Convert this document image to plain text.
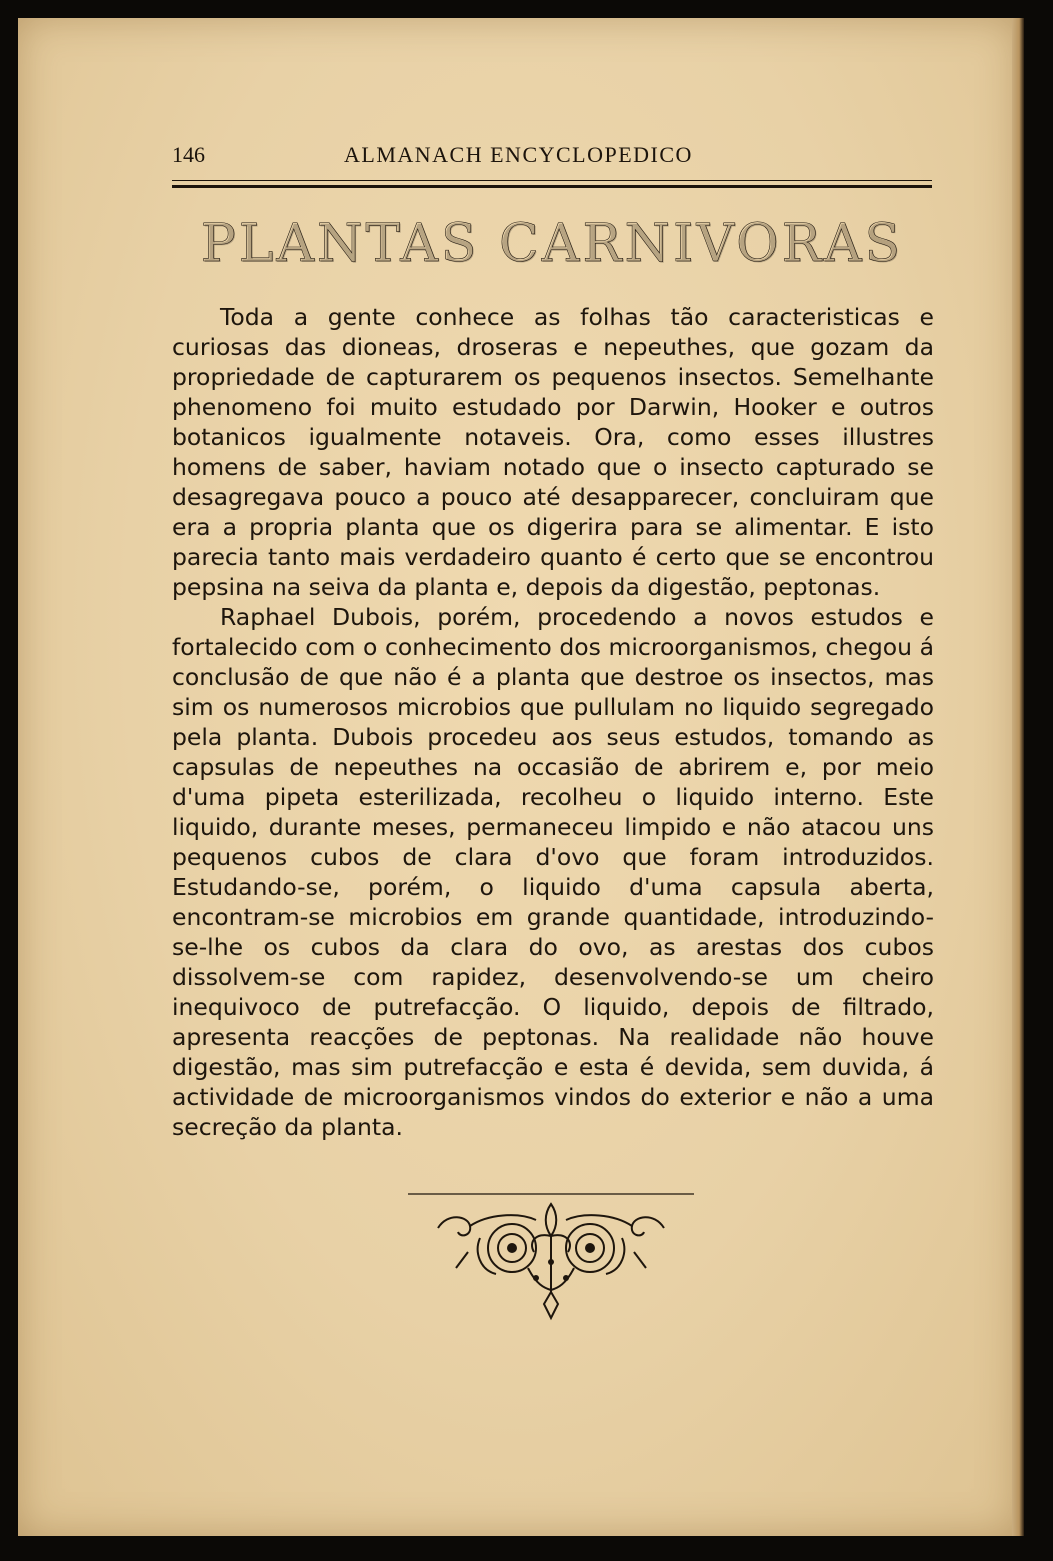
146	ALMANACH ENCYCLOPEDICO
PLANTAS CARNIVORAS

Toda a gente conhece as folhas tão caracteristicas e curiosas das dioneas, droseras e nepeuthes, que gozam da propriedade de capturarem os pequenos insectos. Semelhante phenomeno foi muito estudado por Darwin, Hooker e outros botanicos igualmente notaveis. Ora, como esses illustres homens de saber, haviam notado que o insecto capturado se desagregava pouco a pouco até desapparecer, concluiram que era a propria planta que os digerira para se alimentar. E isto parecia tanto mais verdadeiro quanto é certo que se encontrou pepsina na seiva da planta e, depois da digestão, peptonas.

Raphael Dubois, porém, procedendo a novos estudos e fortalecido com o conhecimento dos microorganismos, chegou á conclusão de que não é a planta que destroe os insectos, mas sim os numerosos microbios que pullulam no liquido segregado pela planta. Dubois procedeu aos seus estudos, tomando as capsulas de nepeuthes na occasião de abrirem e, por meio d'uma pipeta esterilizada, recolheu o liquido interno. Este liquido, durante meses, permaneceu limpido e não atacou uns pequenos cubos de clara d'ovo que foram introduzidos. Estudando-se, porém, o liquido d'uma capsula aberta, encontram-se microbios em grande quantidade, introduzindo-se-lhe os cubos da clara do ovo, as arestas dos cubos dissolvem-se com rapidez, desenvolvendo-se um cheiro inequivoco de putrefacção. O liquido, depois de filtrado, apresenta reacções de peptonas. Na realidade não houve digestão, mas sim putrefacção e esta é devida, sem duvida, á actividade de microorganismos vindos do exterior e não a uma secreção da planta.
